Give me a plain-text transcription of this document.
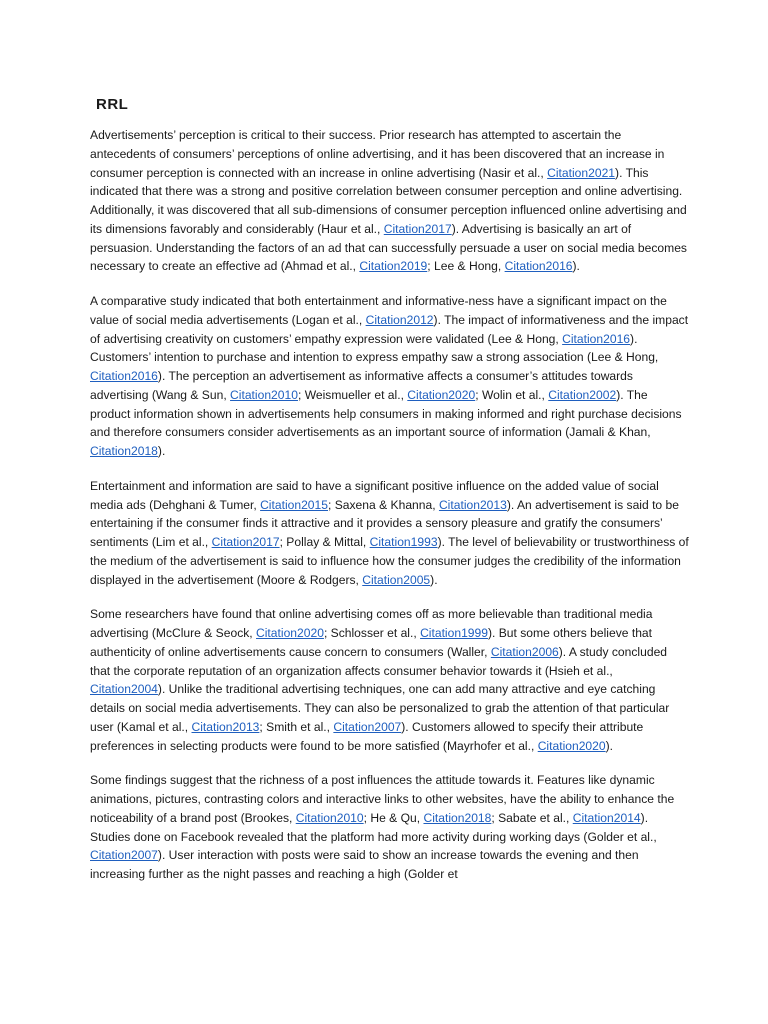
RRL

Advertisements’ perception is critical to their success. Prior research has attempted to ascertain the antecedents of consumers’ perceptions of online advertising, and it has been discovered that an increase in consumer perception is connected with an increase in online advertising (Nasir et al., Citation2021). This indicated that there was a strong and positive correlation between consumer perception and online advertising. Additionally, it was discovered that all sub-dimensions of consumer perception influenced online advertising and its dimensions favorably and considerably (Haur et al., Citation2017). Advertising is basically an art of persuasion. Understanding the factors of an ad that can successfully persuade a user on social media becomes necessary to create an effective ad (Ahmad et al., Citation2019; Lee & Hong, Citation2016).

A comparative study indicated that both entertainment and informative-ness have a significant impact on the value of social media advertisements (Logan et al., Citation2012). The impact of informativeness and the impact of advertising creativity on customers’ empathy expression were validated (Lee & Hong, Citation2016). Customers’ intention to purchase and intention to express empathy saw a strong association (Lee & Hong, Citation2016). The perception an advertisement as informative affects a consumer’s attitudes towards advertising (Wang & Sun, Citation2010; Weismueller et al., Citation2020; Wolin et al., Citation2002). The product information shown in advertisements help consumers in making informed and right purchase decisions and therefore consumers consider advertisements as an important source of information (Jamali & Khan, Citation2018).

Entertainment and information are said to have a significant positive influence on the added value of social media ads (Dehghani & Tumer, Citation2015; Saxena & Khanna, Citation2013). An advertisement is said to be entertaining if the consumer finds it attractive and it provides a sensory pleasure and gratify the consumers’ sentiments (Lim et al., Citation2017; Pollay & Mittal, Citation1993). The level of believability or trustworthiness of the medium of the advertisement is said to influence how the consumer judges the credibility of the information displayed in the advertisement (Moore & Rodgers, Citation2005).

Some researchers have found that online advertising comes off as more believable than traditional media advertising (McClure & Seock, Citation2020; Schlosser et al., Citation1999). But some others believe that authenticity of online advertisements cause concern to consumers (Waller, Citation2006). A study concluded that the corporate reputation of an organization affects consumer behavior towards it (Hsieh et al., Citation2004). Unlike the traditional advertising techniques, one can add many attractive and eye catching details on social media advertisements. They can also be personalized to grab the attention of that particular user (Kamal et al., Citation2013; Smith et al., Citation2007). Customers allowed to specify their attribute preferences in selecting products were found to be more satisfied (Mayrhofer et al., Citation2020).

Some findings suggest that the richness of a post influences the attitude towards it. Features like dynamic animations, pictures, contrasting colors and interactive links to other websites, have the ability to enhance the noticeability of a brand post (Brookes, Citation2010; He & Qu, Citation2018; Sabate et al., Citation2014). Studies done on Facebook revealed that the platform had more activity during working days (Golder et al., Citation2007). User interaction with posts were said to show an increase towards the evening and then increasing further as the night passes and reaching a high (Golder et
